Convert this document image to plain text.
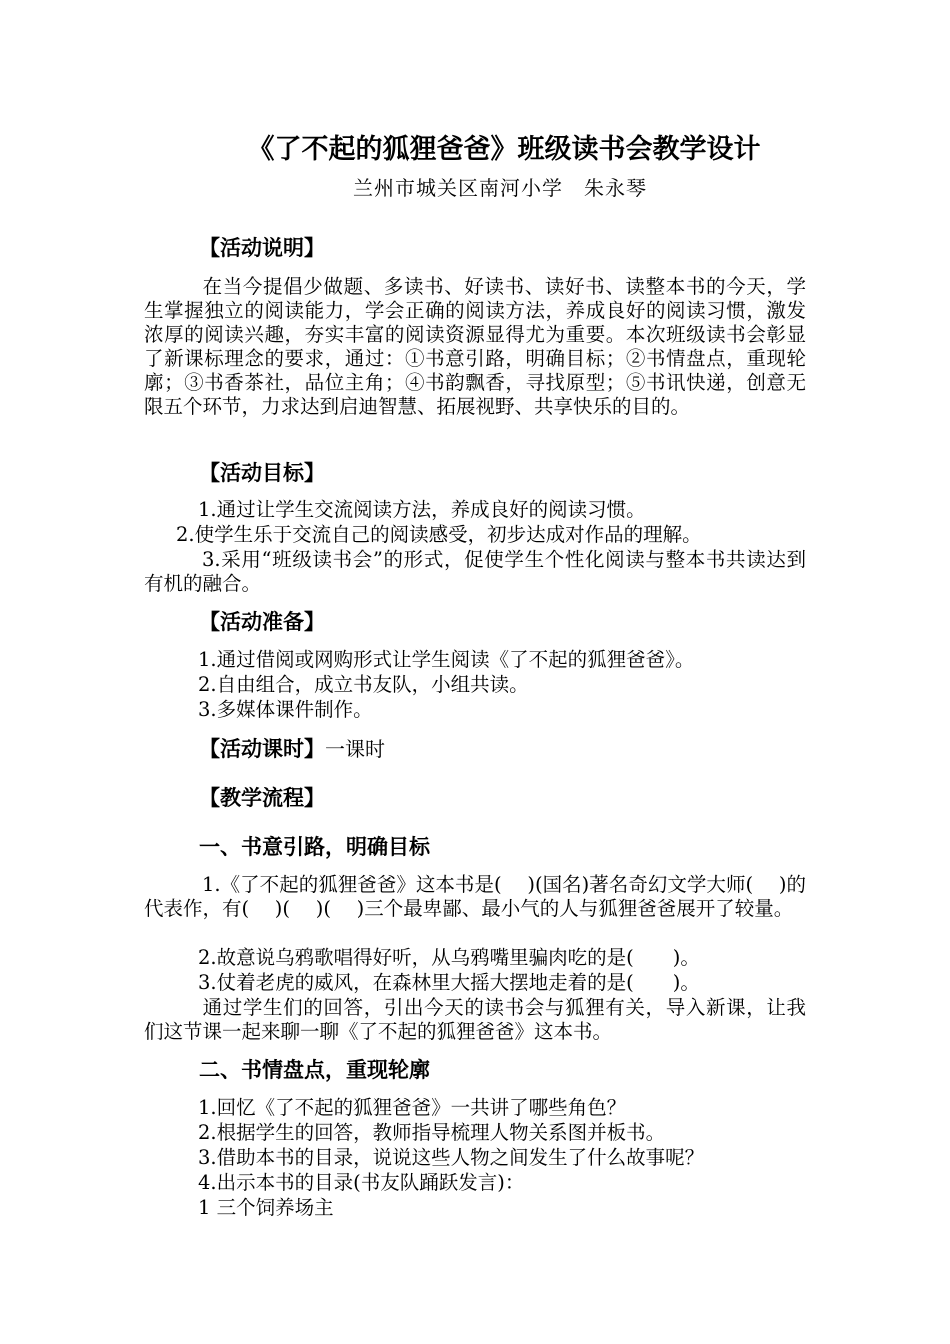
《了不起的狐狸爸爸》班级读书会教学设计
兰州市城关区南河小学　朱永琴
【活动说明】
在当今提倡少做题、多读书、好读书、读好书、读整本书的今天，学生掌握独立的阅读能力，学会正确的阅读方法，养成良好的阅读习惯，激发浓厚的阅读兴趣，夯实丰富的阅读资源显得尤为重要。本次班级读书会彰显了新课标理念的要求，通过：①书意引路，明确目标；②书情盘点，重现轮廓；③书香茶社，品位主角；④书韵飘香，寻找原型；⑤书讯快递，创意无限五个环节，力求达到启迪智慧、拓展视野、共享快乐的目的。
【活动目标】
1.通过让学生交流阅读方法，养成良好的阅读习惯。
2.使学生乐于交流自己的阅读感受，初步达成对作品的理解。
3.采用“班级读书会”的形式，促使学生个性化阅读与整本书共读达到有机的融合。
【活动准备】
1.通过借阅或网购形式让学生阅读《了不起的狐狸爸爸》。
2.自由组合，成立书友队，小组共读。
3.多媒体课件制作。
【活动课时】一课时
【教学流程】
一、书意引路，明确目标
1.《了不起的狐狸爸爸》这本书是(　 )(国名)著名奇幻文学大师(　 )的代表作，有(　 )(　 )(　 )三个最卑鄙、最小气的人与狐狸爸爸展开了较量。
2.故意说乌鸦歌唱得好听，从乌鸦嘴里骗肉吃的是(　　)。
3.仗着老虎的威风，在森林里大摇大摆地走着的是(　　)。
通过学生们的回答，引出今天的读书会与狐狸有关，导入新课，让我们这节课一起来聊一聊《了不起的狐狸爸爸》这本书。
二、书情盘点，重现轮廓
1.回忆《了不起的狐狸爸爸》一共讲了哪些角色？
2.根据学生的回答，教师指导梳理人物关系图并板书。
3.借助本书的目录，说说这些人物之间发生了什么故事呢？
4.出示本书的目录(书友队踊跃发言)：
1 三个饲养场主
